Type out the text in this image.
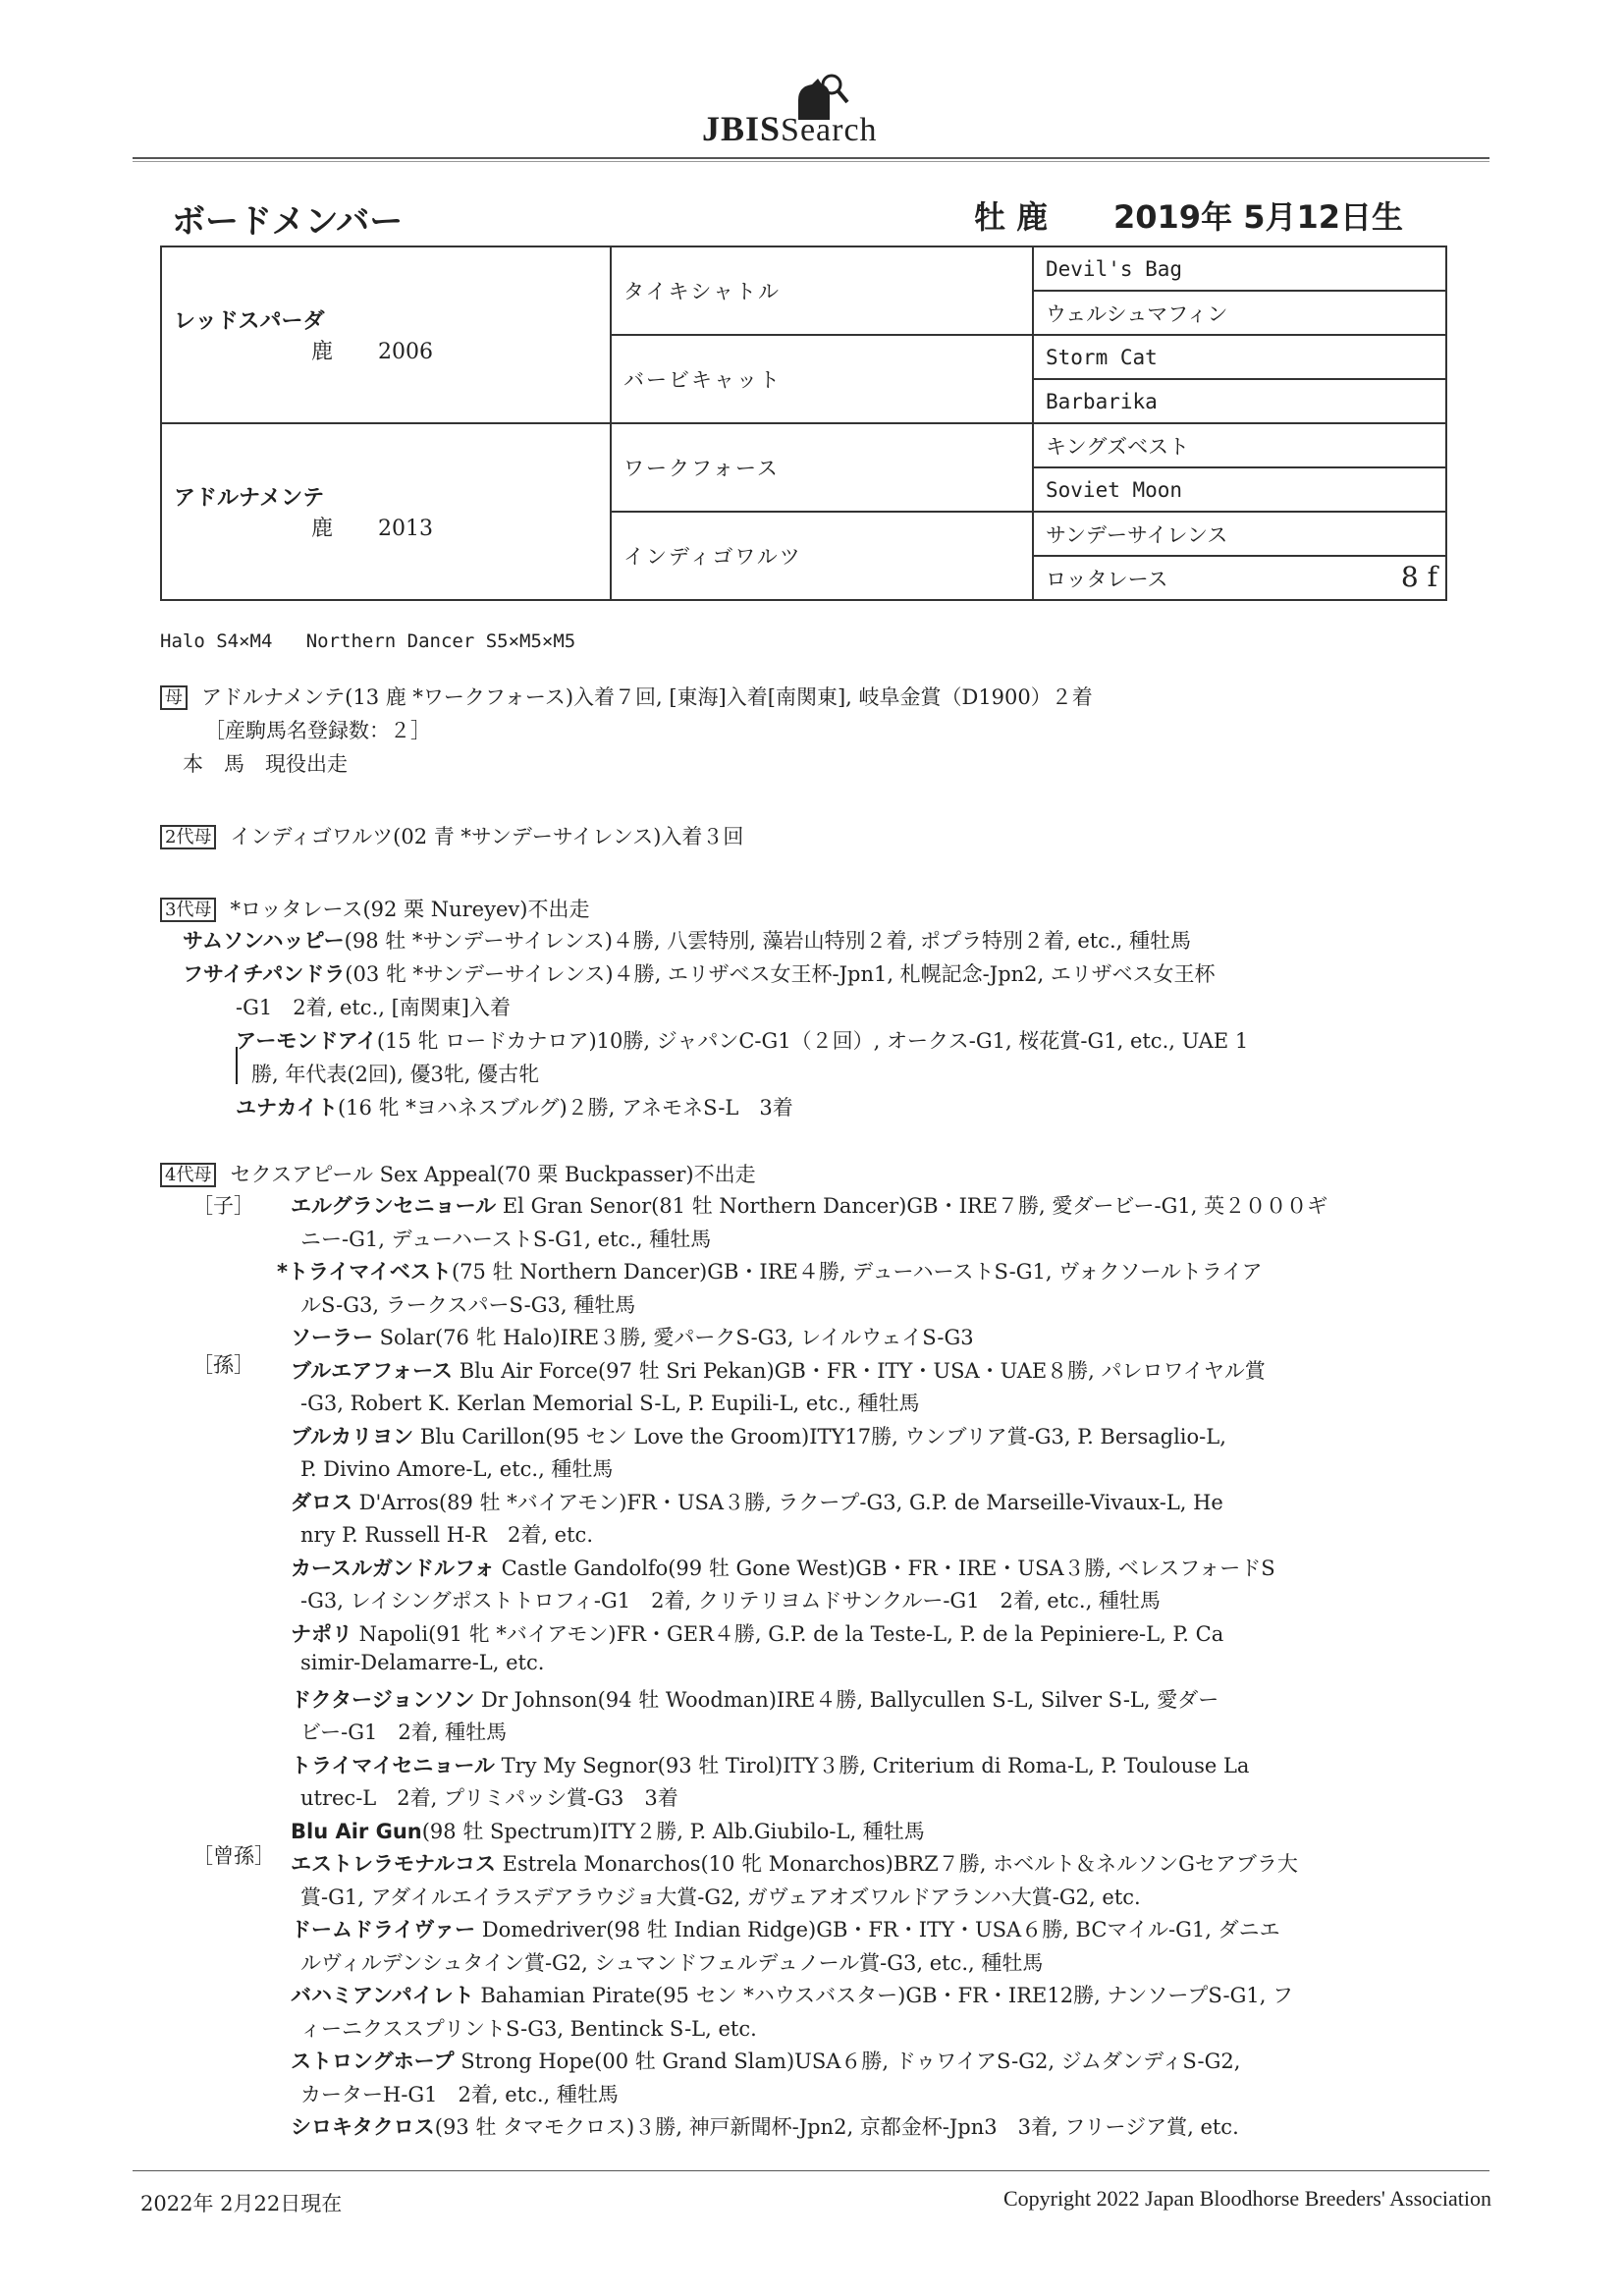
JBISSearch
ボードメンバー	牡 鹿 2019年 5月12日生
レッドスパーダ
鹿 2006	タイキシャトル	Devil's Bag
		ウェルシュマフィン
	バービキャット	Storm Cat
		Barbarika

アドルナメンテ
鹿 2013	ワークフォース	キングズベスト
		Soviet Moon
	インディゴワルツ	サンデーサイレンス
		ロッタレース 8 f
Halo S4×M4   Northern Dancer S5×M5×M5
母 アドルナメンテ(13 鹿 *ワークフォース)入着７回, [東海]入着[南関東], 岐阜金賞（D1900）２着
［産駒馬名登録数：２］
本　馬　現役出走
2代母 インディゴワルツ(02 青 *サンデーサイレンス)入着３回
3代母 *ロッタレース(92 栗 Nureyev)不出走
サムソンハッピー(98 牡 *サンデーサイレンス)４勝, 八雲特別, 藻岩山特別２着, ポプラ特別２着, etc., 種牡馬
フサイチパンドラ(03 牝 *サンデーサイレンス)４勝, エリザベス女王杯-Jpn1, 札幌記念-Jpn2, エリザベス女王杯
-G1　2着, etc., [南関東]入着
アーモンドアイ(15 牝 ロードカナロア)10勝, ジャパンC-G1（２回）, オークス-G1, 桜花賞-G1, etc., UAE 1
勝, 年代表(2回), 優3牝, 優古牝
ユナカイト(16 牝 *ヨハネスブルグ)２勝, アネモネS-L　3着
4代母 セクスアピール Sex Appeal(70 栗 Buckpasser)不出走
［子］
［孫］
［曾孫］
エルグランセニョール El Gran Senor(81 牡 Northern Dancer)GB・IRE７勝, 愛ダービー-G1, 英２０００ギ
ニー-G1, デューハーストS-G1, etc., 種牡馬
*トライマイベスト(75 牡 Northern Dancer)GB・IRE４勝, デューハーストS-G1, ヴォクソールトライア
ルS-G3, ラークスパーS-G3, 種牡馬
ソーラー Solar(76 牝 Halo)IRE３勝, 愛パークS-G3, レイルウェイS-G3
ブルエアフォース Blu Air Force(97 牡 Sri Pekan)GB・FR・ITY・USA・UAE８勝, パレロワイヤル賞
-G3, Robert K. Kerlan Memorial S-L, P. Eupili-L, etc., 種牡馬
ブルカリヨン Blu Carillon(95 セン Love the Groom)ITY17勝, ウンブリア賞-G3, P. Bersaglio-L,
P. Divino Amore-L, etc., 種牡馬
ダロス D'Arros(89 牡 *バイアモン)FR・USA３勝, ラクープ-G3, G.P. de Marseille-Vivaux-L, He
nry P. Russell H-R　2着, etc.
カースルガンドルフォ Castle Gandolfo(99 牡 Gone West)GB・FR・IRE・USA３勝, ベレスフォードS
-G3, レイシングポストトロフィ-G1　2着, クリテリヨムドサンクルー-G1　2着, etc., 種牡馬
ナポリ Napoli(91 牝 *バイアモン)FR・GER４勝, G.P. de la Teste-L, P. de la Pepiniere-L, P. Ca
simir-Delamarre-L, etc.
ドクタージョンソン Dr Johnson(94 牡 Woodman)IRE４勝, Ballycullen S-L, Silver S-L, 愛ダー
ビー-G1　2着, 種牡馬
トライマイセニョール Try My Segnor(93 牡 Tirol)ITY３勝, Criterium di Roma-L, P. Toulouse La
utrec-L　2着, プリミパッシ賞-G3　3着
Blu Air Gun(98 牡 Spectrum)ITY２勝, P. Alb.Giubilo-L, 種牡馬
エストレラモナルコス Estrela Monarchos(10 牝 Monarchos)BRZ７勝, ホベルト＆ネルソンGセアブラ大
賞-G1, アダイルエイラスデアラウジョ大賞-G2, ガヴェアオズワルドアランハ大賞-G2, etc.
ドームドライヴァー Domedriver(98 牡 Indian Ridge)GB・FR・ITY・USA６勝, BCマイル-G1, ダニエ
ルヴィルデンシュタイン賞-G2, シュマンドフェルデュノール賞-G3, etc., 種牡馬
バハミアンパイレト Bahamian Pirate(95 セン *ハウスバスター)GB・FR・IRE12勝, ナンソープS-G1, フ
ィーニクススプリントS-G3, Bentinck S-L, etc.
ストロングホープ Strong Hope(00 牡 Grand Slam)USA６勝, ドゥワイアS-G2, ジムダンディS-G2,
カーターH-G1　2着, etc., 種牡馬
シロキタクロス(93 牡 タマモクロス)３勝, 神戸新聞杯-Jpn2, 京都金杯-Jpn3　3着, フリージア賞, etc.
2022年 2月22日現在	Copyright 2022 Japan Bloodhorse Breeders' Association
